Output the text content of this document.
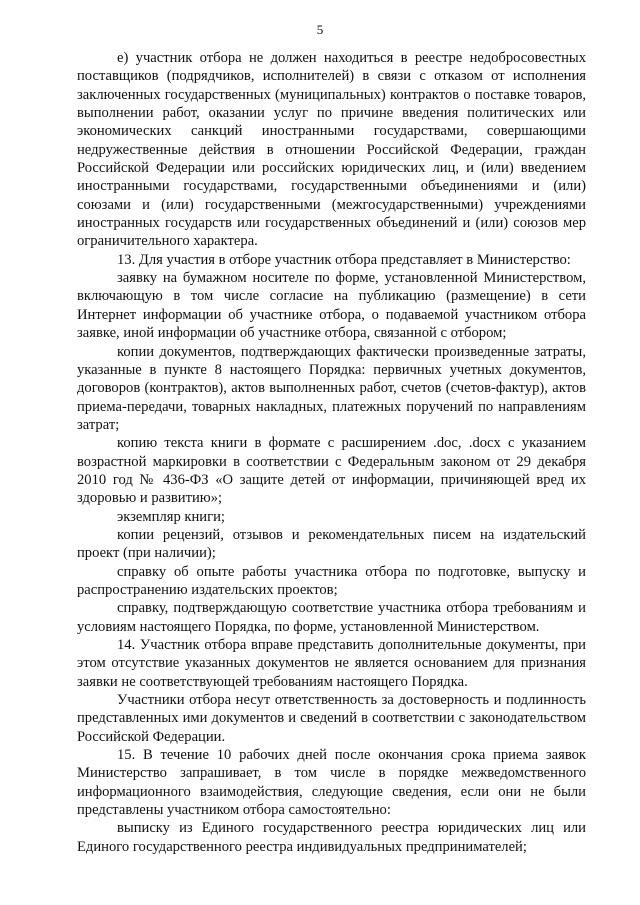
5

е) участник отбора не должен находиться в реестре недобросовестных поставщиков (подрядчиков, исполнителей) в связи с отказом от исполнения заключенных государственных (муниципальных) контрактов о поставке товаров, выполнении работ, оказании услуг по причине введения политических или экономических санкций иностранными государствами, совершающими недружественные действия в отношении Российской Федерации, граждан Российской Федерации или российских юридических лиц, и (или) введением иностранными государствами, государственными объединениями и (или) союзами и (или) государственными (межгосударственными) учреждениями иностранных государств или государственных объединений и (или) союзов мер ограничительного характера.

13. Для участия в отборе участник отбора представляет в Министерство:

заявку на бумажном носителе по форме, установленной Министерством, включающую в том числе согласие на публикацию (размещение) в сети Интернет информации об участнике отбора, о подаваемой участником отбора заявке, иной информации об участнике отбора, связанной с отбором;

копии документов, подтверждающих фактически произведенные затраты, указанные в пункте 8 настоящего Порядка: первичных учетных документов, договоров (контрактов), актов выполненных работ, счетов (счетов-фактур), актов приема-передачи, товарных накладных, платежных поручений по направлениям затрат;

копию текста книги в формате с расширением .doc, .docx с указанием возрастной маркировки в соответствии с Федеральным законом от 29 декабря 2010 год № 436-ФЗ «О защите детей от информации, причиняющей вред их здоровью и развитию»;

экземпляр книги;

копии рецензий, отзывов и рекомендательных писем на издательский проект (при наличии);

справку об опыте работы участника отбора по подготовке, выпуску и распространению издательских проектов;

справку, подтверждающую соответствие участника отбора требованиям и условиям настоящего Порядка, по форме, установленной Министерством.

14. Участник отбора вправе представить дополнительные документы, при этом отсутствие указанных документов не является основанием для признания заявки не соответствующей требованиям настоящего Порядка.

Участники отбора несут ответственность за достоверность и подлинность представленных ими документов и сведений в соответствии с законодательством Российской Федерации.

15. В течение 10 рабочих дней после окончания срока приема заявок Министерство запрашивает, в том числе в порядке межведомственного информационного взаимодействия, следующие сведения, если они не были представлены участником отбора самостоятельно:

выписку из Единого государственного реестра юридических лиц или Единого государственного реестра индивидуальных предпринимателей;
